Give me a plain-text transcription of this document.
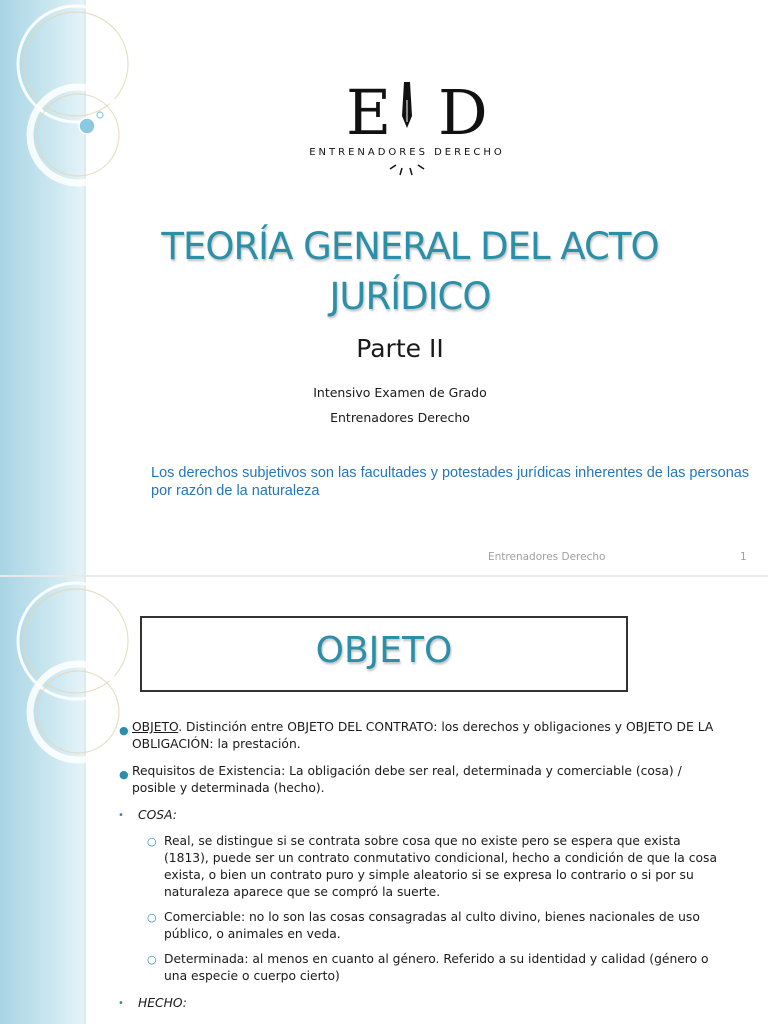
E D
ENTRENADORES DERECHO
TEORÍA GENERAL DEL ACTO
JURÍDICO
Parte II
Intensivo Examen de Grado
Entrenadores Derecho
Los derechos subjetivos son las facultades y potestades jurídicas inherentes de las personas por razón de la naturaleza
Entrenadores Derecho	1
OBJETO
● OBJETO. Distinción entre OBJETO DEL CONTRATO: los derechos y obligaciones y OBJETO DE LA OBLIGACIÓN: la prestación.
● Requisitos de Existencia: La obligación debe ser real, determinada y comerciable (cosa) / posible y determinada (hecho).
• COSA:
○ Real, se distingue si se contrata sobre cosa que no existe pero se espera que exista (1813), puede ser un contrato conmutativo condicional, hecho a condición de que la cosa exista, o bien un contrato puro y simple aleatorio si se expresa lo contrario o si por su naturaleza aparece que se compró la suerte.
○ Comerciable: no lo son las cosas consagradas al culto divino, bienes nacionales de uso público, o animales en veda.
○ Determinada: al menos en cuanto al género. Referido a su identidad y calidad (género o una especie o cuerpo cierto)
• HECHO:
